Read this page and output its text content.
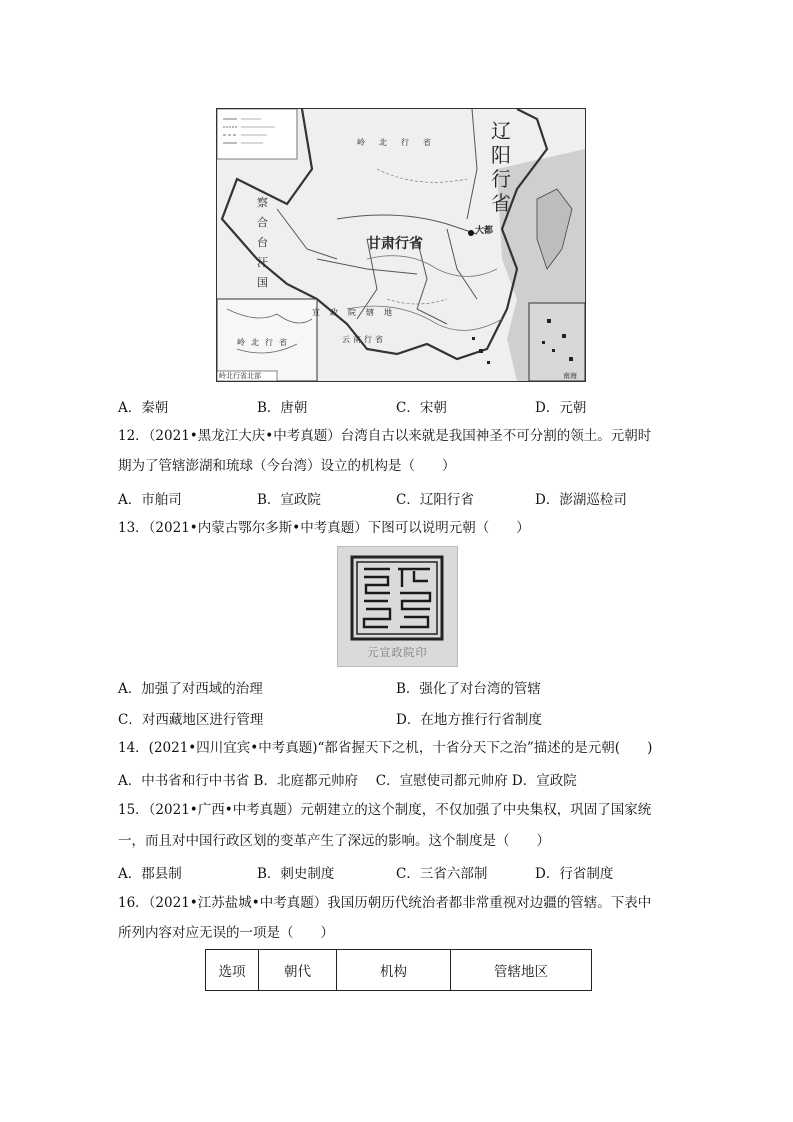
辽阳行省
甘肃行省
岭北行省
大都
察合台汗国
宣政院辖地
云南行省
岭北行省
岭北行省北部	南海
A．秦朝	B．唐朝	C．宋朝	D．元朝
12．（2021•黑龙江大庆•中考真题）台湾自古以来就是我国神圣不可分割的领土。元朝时
期为了管辖澎湖和琉球（今台湾）设立的机构是（　　）
A．市舶司	B．宣政院	C．辽阳行省	D．澎湖巡检司
13．（2021•内蒙古鄂尔多斯•中考真题）下图可以说明元朝（　　）
元宣政院印
A．加强了对西域的治理	B．强化了对台湾的管辖
C．对西藏地区进行管理	D．在地方推行行省制度
14．(2021•四川宜宾•中考真题)“都省握天下之机，十省分天下之治”描述的是元朝(　　)
A．中书省和行中书省 B．北庭都元帅府　 C．宣慰使司都元帅府 D．宣政院
15．（2021•广西•中考真题）元朝建立的这个制度，不仅加强了中央集权，巩固了国家统
一，而且对中国行政区划的变革产生了深远的影响。这个制度是（　　）
A．郡县制	B．刺史制度	C．三省六部制	D．行省制度
16．（2021•江苏盐城•中考真题）我国历朝历代统治者都非常重视对边疆的管辖。下表中
所列内容对应无误的一项是（　　）
选项	朝代	机构	管辖地区
